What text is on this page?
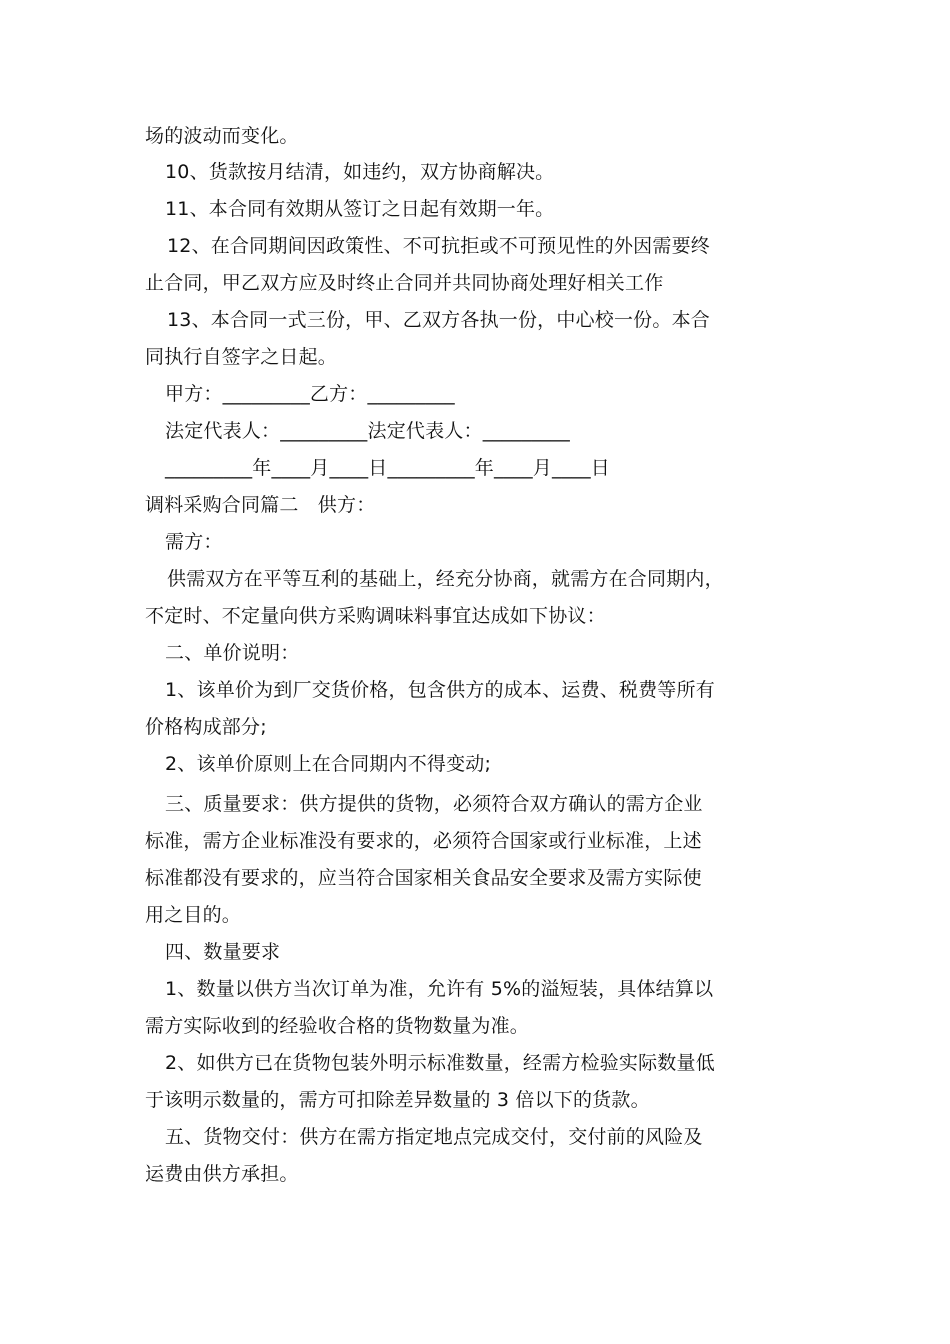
场的波动而变化。
10、货款按月结清，如违约，双方协商解决。
11、本合同有效期从签订之日起有效期一年。
12、在合同期间因政策性、不可抗拒或不可预见性的外因需要终
止合同，甲乙双方应及时终止合同并共同协商处理好相关工作
13、本合同一式三份，甲、乙双方各执一份，中心校一份。本合
同执行自签字之日起。
甲方：_________乙方：_________
法定代表人：_________法定代表人：_________
_________年____月____日_________年____月____日
调料采购合同篇二　供方：
需方：
供需双方在平等互利的基础上，经充分协商，就需方在合同期内，
不定时、不定量向供方采购调味料事宜达成如下协议：
二、单价说明：
1、该单价为到厂交货价格，包含供方的成本、运费、税费等所有
价格构成部分;
2、该单价原则上在合同期内不得变动;
三、质量要求：供方提供的货物，必须符合双方确认的需方企业
标准，需方企业标准没有要求的，必须符合国家或行业标准，上述
标准都没有要求的，应当符合国家相关食品安全要求及需方实际使
用之目的。
四、数量要求
1、数量以供方当次订单为准，允许有 5%的溢短装，具体结算以
需方实际收到的经验收合格的货物数量为准。
2、如供方已在货物包装外明示标准数量，经需方检验实际数量低
于该明示数量的，需方可扣除差异数量的 3 倍以下的货款。
五、货物交付：供方在需方指定地点完成交付，交付前的风险及
运费由供方承担。
